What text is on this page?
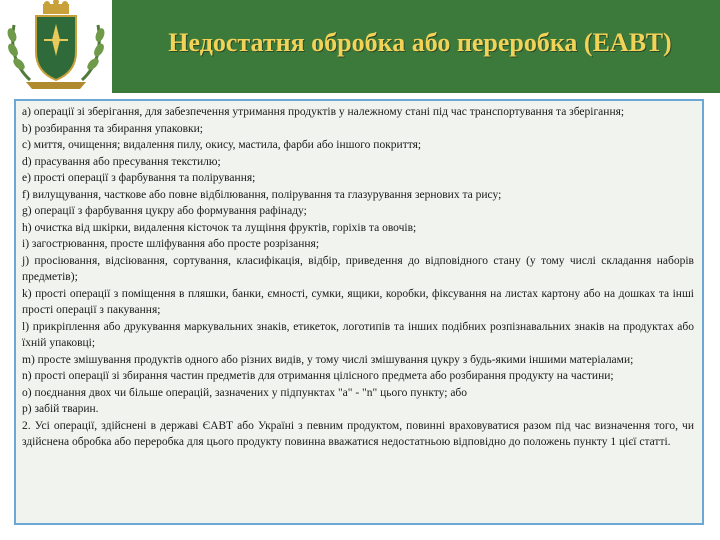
Недостатня обробка або переробка (ЕАВТ)

a) операції зі зберігання, для забезпечення утримання продуктів у належному стані під час транспортування та зберігання;

b) розбирання та збирання упаковки;

c) миття, очищення; видалення пилу, окису, мастила, фарби або іншого покриття;

d) прасування або пресування текстилю;

e) прості операції з фарбування та полірування;

f) вилущування, часткове або повне відбілювання, полірування та глазурування зернових та рису;

g) операції з фарбування цукру або формування рафінаду;

h) очистка від шкірки, видалення кісточок та лущіння фруктів, горіхів та овочів;

i) загострювання, просте шліфування або просте розрізання;

j) просіювання, відсіювання, сортування, класифікація, відбір, приведення до відповідного стану (у тому числі складання наборів предметів);

k) прості операції з поміщення в пляшки, банки, ємності, сумки, ящики, коробки, фіксування на листах картону або на дошках та інші прості операції з пакування;

l) прикріплення або друкування маркувальних знаків, етикеток, логотипів та інших подібних розпізнавальних знаків на продуктах або їхній упаковці;

m) просте змішування продуктів одного або різних видів, у тому числі змішування цукру з будь-якими іншими матеріалами;

n) прості операції зі збирання частин предметів для отримання цілісного предмета або розбирання продукту на частини;

o) поєднання двох чи більше операцій, зазначених у підпунктах "a" - "n" цього пункту; або

p) забій тварин.

2. Усі операції, здійснені в державі ЄАВТ або Україні з певним продуктом, повинні враховуватися разом під час визначення того, чи здійснена обробка або переробка для цього продукту повинна вважатися недостатньою відповідно до положень пункту 1 цієї статті.
